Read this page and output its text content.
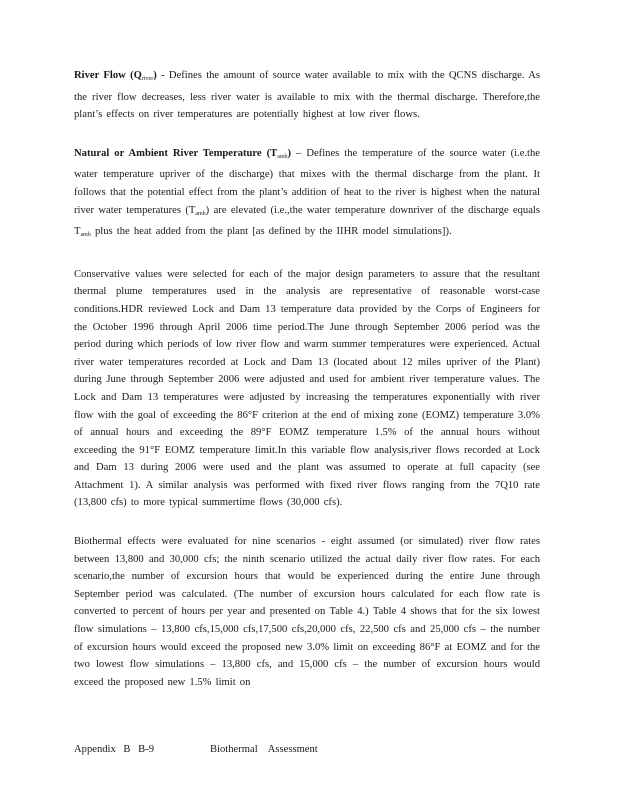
River Flow $(Q_{river})$ - Defines the amount of source water available to mix with the QCNS discharge. As the river flow decreases, less river water is available to mix with the thermal discharge. Therefore,the plant’s effects on river temperatures are potentially highest at low river flows.

Natural or Ambient River Temperature $(T_{amb})$ – Defines the temperature of the source water (i.e.the water temperature upriver of the discharge) that mixes with the thermal discharge from the plant. It follows that the potential effect from the plant’s addition of heat to the river is highest when the natural river water temperatures $(T_{amb})$ are elevated (i.e.,the water temperature downriver of the discharge equals $T_{amb}$ plus the heat added from the plant [as defined by the IIHR model simulations]).

Conservative values were selected for each of the major design parameters to assure that the resultant thermal plume temperatures used in the analysis are representative of reasonable worst-case conditions.HDR reviewed Lock and Dam 13 temperature data provided by the Corps of Engineers for the October 1996 through April 2006 time period.The June through September 2006 period was the period during which periods of low river flow and warm summer temperatures were experienced. Actual river water temperatures recorded at Lock and Dam 13 (located about 12 miles upriver of the Plant) during June through September 2006 were adjusted and used for ambient river temperature values. The Lock and Dam 13 temperatures were adjusted by increasing the temperatures exponentially with river flow with the goal of exceeding the 86°F criterion at the end of mixing zone (EOMZ) temperature 3.0% of annual hours and exceeding the 89°F EOMZ temperature 1.5% of the annual hours without exceeding the 91°F EOMZ temperature limit.In this variable flow analysis,river flows recorded at Lock and Dam 13 during 2006 were used and the plant was assumed to operate at full capacity (see Attachment 1). A similar analysis was performed with fixed river flows ranging from the 7Q10 rate (13,800 cfs) to more typical summertime flows (30,000 cfs).

Biothermal effects were evaluated for nine scenarios - eight assumed (or simulated) river flow rates between 13,800 and 30,000 cfs; the ninth scenario utilized the actual daily river flow rates. For each scenario,the number of excursion hours that would be experienced during the entire June through September period was calculated. (The number of excursion hours calculated for each flow rate is converted to percent of hours per year and presented on Table 4.) Table 4 shows that for the six lowest flow simulations – 13,800 cfs,15,000 cfs,17,500 cfs,20,000 cfs, 22,500 cfs and 25,000 cfs – the number of excursion hours would exceed the proposed new 3.0% limit on exceeding 86°F at EOMZ and for the two lowest flow simulations – 13,800 cfs, and 15,000 cfs – the number of excursion hours would exceed the proposed new 1.5% limit on

Appendix B B-9	Biothermal Assessment
